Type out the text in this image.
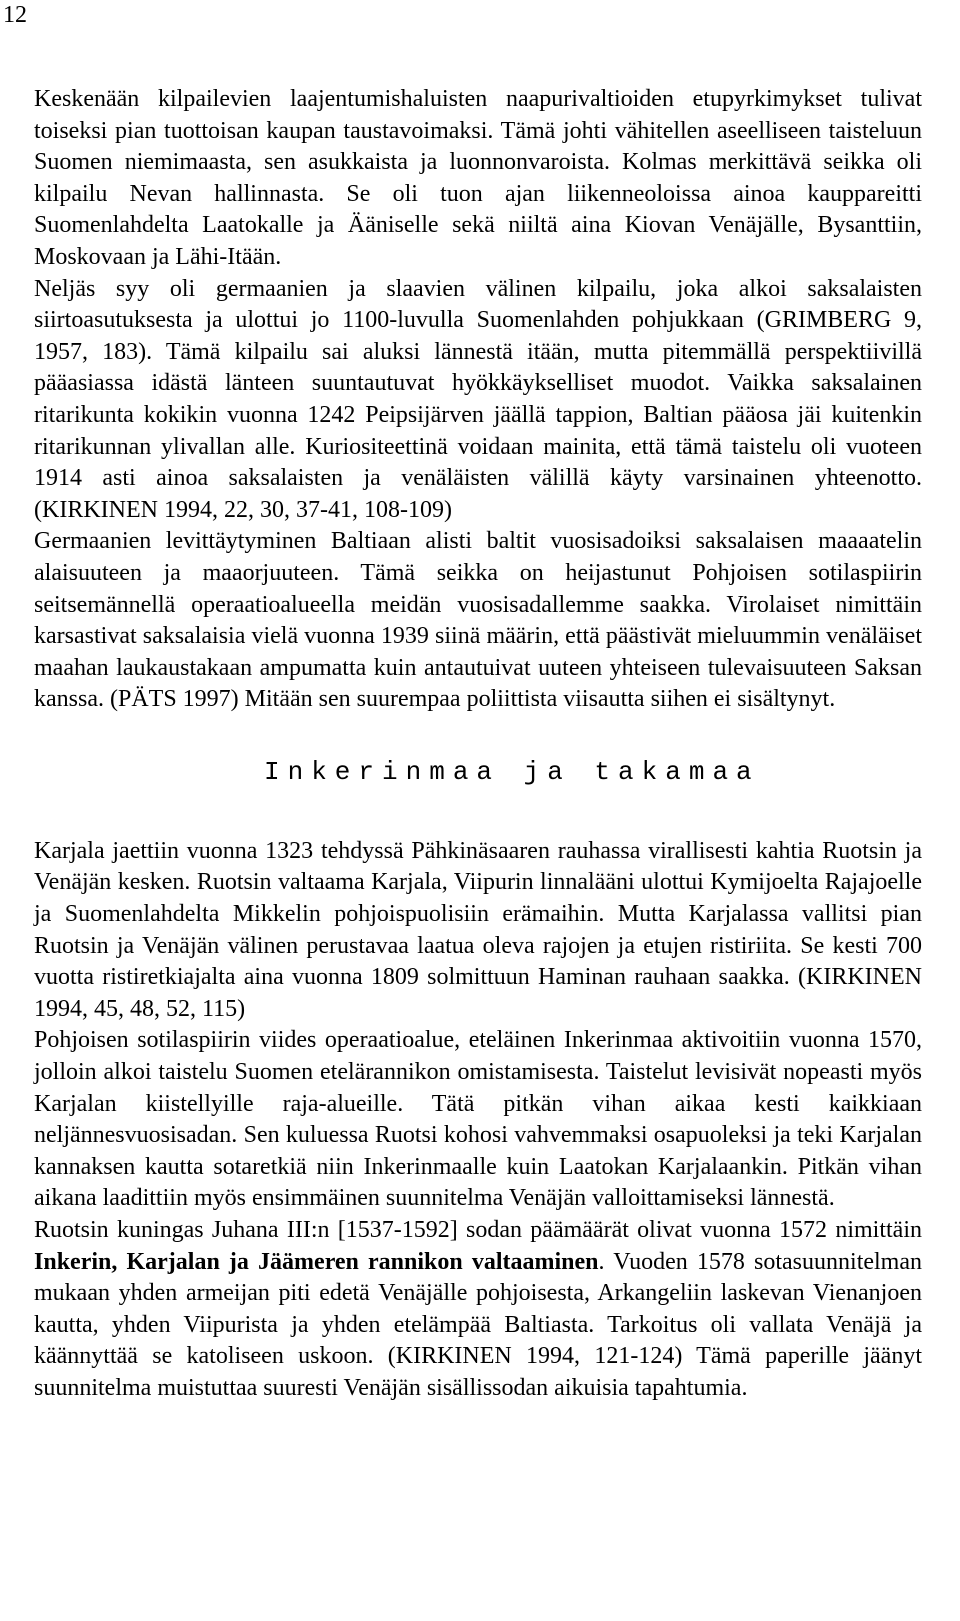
12

Keskenään kilpailevien laajentumishaluisten naapurivaltioiden etupyrkimykset tulivat toiseksi pian tuottoisan kaupan taustavoimaksi. Tämä johti vähitellen aseelliseen taisteluun Suomen niemimaasta, sen asukkaista ja luonnonvaroista. Kolmas merkittävä seikka oli kilpailu Nevan hallinnasta. Se oli tuon ajan liikenneoloissa ainoa kauppareitti Suomenlahdelta Laatokalle ja Ääniselle sekä niiltä aina Kiovan Venäjälle, Bysanttiin, Moskovaan ja Lähi-Itään.

Neljäs syy oli germaanien ja slaavien välinen kilpailu, joka alkoi saksalaisten siirtoasutuksesta ja ulottui jo 1100-luvulla Suomenlahden pohjukkaan (GRIMBERG 9, 1957, 183). Tämä kilpailu sai aluksi lännestä itään, mutta pitemmällä perspektiivillä pääasiassa idästä länteen suuntautuvat hyökkäykselliset muodot. Vaikka saksalainen ritarikunta kokikin vuonna 1242 Peipsijärven jäällä tappion, Baltian pääosa jäi kuitenkin ritarikunnan ylivallan alle. Kuriositeettinä voidaan mainita, että tämä taistelu oli vuoteen 1914 asti ainoa saksalaisten ja venäläisten välillä käyty varsinainen yhteenotto. (KIRKINEN 1994, 22, 30, 37-41, 108-109)

Germaanien levittäytyminen Baltiaan alisti baltit vuosisadoiksi saksalaisen maaaatelin alaisuuteen ja maaorjuuteen. Tämä seikka on heijastunut Pohjoisen sotilaspiirin seitsemännellä operaatioalueella meidän vuosisadallemme saakka. Virolaiset nimittäin karsastivat saksalaisia vielä vuonna 1939 siinä määrin, että päästivät mieluummin venäläiset maahan laukaustakaan ampumatta kuin antautuivat uuteen yhteiseen tulevaisuuteen Saksan kanssa. (PÄTS 1997) Mitään sen suurempaa poliittista viisautta siihen ei sisältynyt.

Inkerinmaa ja takamaa

Karjala jaettiin vuonna 1323 tehdyssä Pähkinäsaaren rauhassa virallisesti kahtia Ruotsin ja Venäjän kesken. Ruotsin valtaama Karjala, Viipurin linnalääni ulottui Kymijoelta Rajajoelle ja Suomenlahdelta Mikkelin pohjoispuolisiin erämaihin. Mutta Karjalassa vallitsi pian Ruotsin ja Venäjän välinen perustavaa laatua oleva rajojen ja etujen ristiriita. Se kesti 700 vuotta ristiretkiajalta aina vuonna 1809 solmittuun Haminan rauhaan saakka. (KIRKINEN 1994, 45, 48, 52, 115)

Pohjoisen sotilaspiirin viides operaatioalue, eteläinen Inkerinmaa aktivoitiin vuonna 1570, jolloin alkoi taistelu Suomen etelärannikon omistamisesta. Taistelut levisivät nopeasti myös Karjalan kiistellyille raja-alueille. Tätä pitkän vihan aikaa kesti kaikkiaan neljännesvuosisadan. Sen kuluessa Ruotsi kohosi vahvemmaksi osapuoleksi ja teki Karjalan kannaksen kautta sotaretkiä niin Inkerinmaalle kuin Laatokan Karjalaankin. Pitkän vihan aikana laadittiin myös ensimmäinen suunnitelma Venäjän valloittamiseksi lännestä.

Ruotsin kuningas Juhana III:n [1537-1592] sodan päämäärät olivat vuonna 1572 nimittäin Inkerin, Karjalan ja Jäämeren rannikon valtaaminen. Vuoden 1578 sotasuunnitelman mukaan yhden armeijan piti edetä Venäjälle pohjoisesta, Arkangeliin laskevan Vienanjoen kautta, yhden Viipurista ja yhden etelämpää Baltiasta. Tarkoitus oli vallata Venäjä ja käännyttää se katoliseen uskoon. (KIRKINEN 1994, 121-124) Tämä paperille jäänyt suunnitelma muistuttaa suuresti Venäjän sisällissodan aikuisia tapahtumia.
